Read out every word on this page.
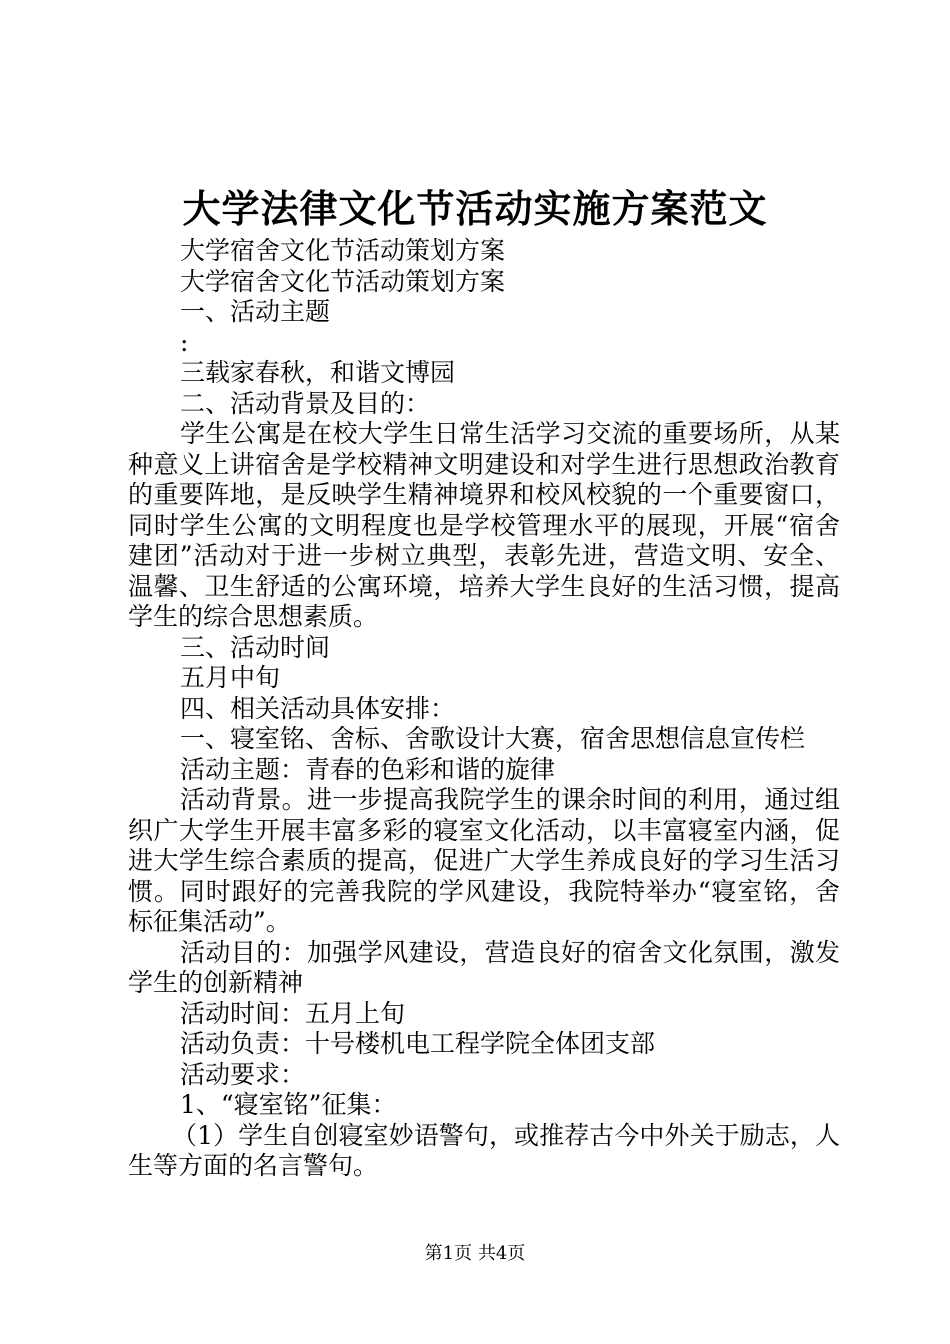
大学法律文化节活动实施方案范文
大学宿舍文化节活动策划方案
大学宿舍文化节活动策划方案
一、活动主题
:
三载家春秋，和谐文博园
二、活动背景及目的：
学生公寓是在校大学生日常生活学习交流的重要场所，从某种意义上讲宿舍是学校精神文明建设和对学生进行思想政治教育的重要阵地，是反映学生精神境界和校风校貌的一个重要窗口，同时学生公寓的文明程度也是学校管理水平的展现，开展“宿舍建团”活动对于进一步树立典型，表彰先进，营造文明、安全、温馨、卫生舒适的公寓环境，培养大学生良好的生活习惯，提高学生的综合思想素质。
三、活动时间
五月中旬
四、相关活动具体安排：
一、寝室铭、舍标、舍歌设计大赛，宿舍思想信息宣传栏
活动主题：青春的色彩和谐的旋律
活动背景。进一步提高我院学生的课余时间的利用，通过组织广大学生开展丰富多彩的寝室文化活动，以丰富寝室内涵，促进大学生综合素质的提高，促进广大学生养成良好的学习生活习惯。同时跟好的完善我院的学风建设，我院特举办“寝室铭，舍标征集活动”。
活动目的：加强学风建设，营造良好的宿舍文化氛围，激发学生的创新精神
活动时间：五月上旬
活动负责：十号楼机电工程学院全体团支部
活动要求：
1、“寝室铭”征集：
（1）学生自创寝室妙语警句，或推荐古今中外关于励志，人生等方面的名言警句。
第1页 共4页
